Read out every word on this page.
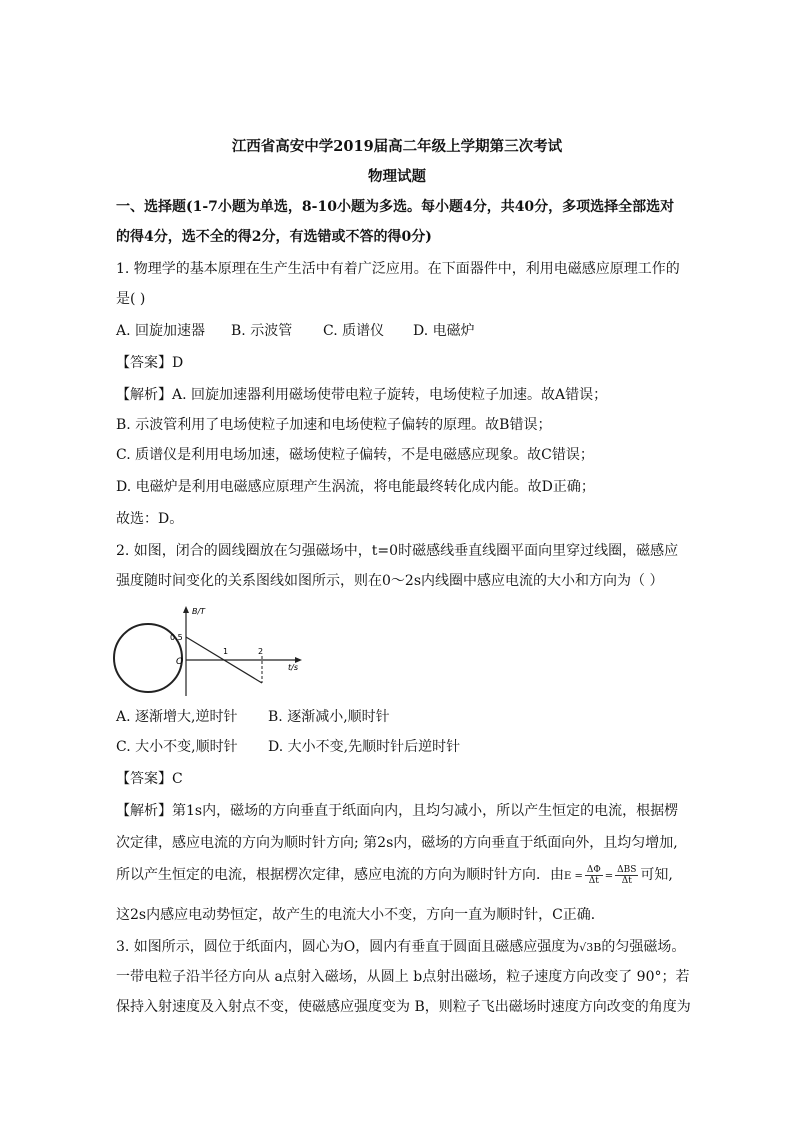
江西省高安中学2019届高二年级上学期第三次考试
物理试题
一、选择题(1-7小题为单选，8-10小题为多选。每小题4分，共40分，多项选择全部选对
的得4分，选不全的得2分，有选错或不答的得0分)
1. 物理学的基本原理在生产生活中有着广泛应用。在下面器件中，利用电磁感应原理工作的
是( )
A. 回旋加速器 B. 示波管 C. 质谱仪 D. 电磁炉
【答案】D
【解析】A. 回旋加速器利用磁场使带电粒子旋转，电场使粒子加速。故A错误；
B. 示波管利用了电场使粒子加速和电场使粒子偏转的原理。故B错误；
C. 质谱仪是利用电场加速，磁场使粒子偏转，不是电磁感应现象。故C错误；
D. 电磁炉是利用电磁感应原理产生涡流，将电能最终转化成内能。故D正确；
故选：D。
2. 如图，闭合的圆线圈放在匀强磁场中，t=0时磁感线垂直线圈平面向里穿过线圈，磁感应
强度随时间变化的关系图线如图所示，则在0～2s内线圈中感应电流的大小和方向为（ ）
B/T
t/s
O
0.5
1	2
A. 逐渐增大,逆时针 B. 逐渐减小,顺时针
C. 大小不变,顺时针 D. 大小不变,先顺时针后逆时针
【答案】C
【解析】第1s内，磁场的方向垂直于纸面向内，且均匀减小，所以产生恒定的电流，根据楞
次定律，感应电流的方向为顺时针方向; 第2s内，磁场的方向垂直于纸面向外，且均匀增加,
所以产生恒定的电流，根据楞次定律，感应电流的方向为顺时针方向．由$E = \frac{\Delta\Phi}{\Delta t} = \frac{\text{ΔBS}}{\Delta t}$ 可知,
这2s内感应电动势恒定，故产生的电流大小不变，方向一直为顺时针，C正确．
3. 如图所示，圆位于纸面内，圆心为O，圆内有垂直于圆面且磁感应强度为√3B的匀强磁场。
一带电粒子沿半径方向从 a点射入磁场，从圆上 b点射出磁场，粒子速度方向改变了 90°；若
保持入射速度及入射点不变，使磁感应强度变为 B，则粒子飞出磁场时速度方向改变的角度为
